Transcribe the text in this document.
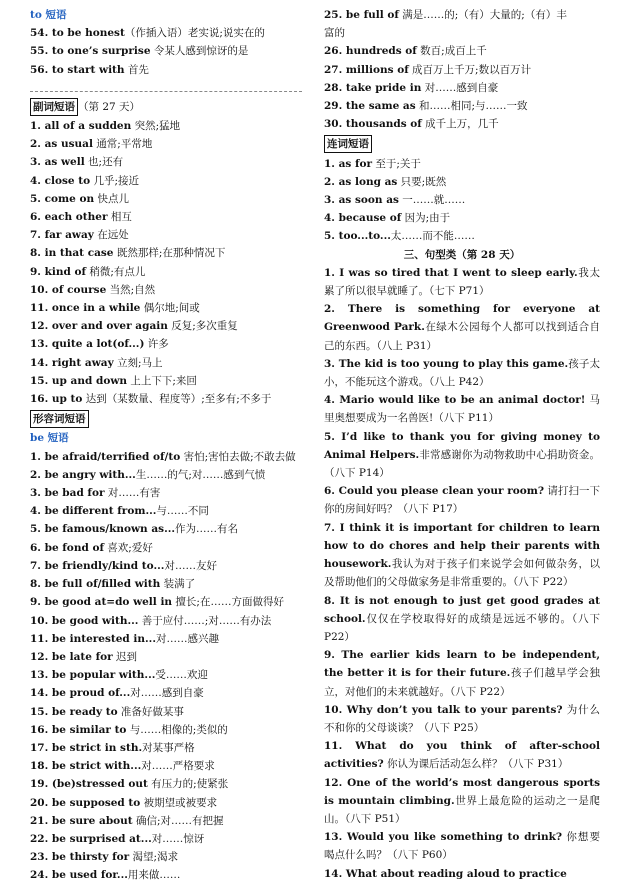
to 短语
54. to be honest（作插入语）老实说;说实在的
55. to one’s surprise 令某人感到惊讶的是
56. to start with 首先
副词短语 （第 27 天）
1. all of a sudden 突然;猛地
2. as usual 通常;平常地
3. as well 也;还有
4. close to 几乎;接近
5. come on 快点儿
6. each other 相互
7. far away 在远处
8. in that case 既然那样;在那种情况下
9. kind of 稍微;有点儿
10. of course 当然;自然
11. once in a while 偶尔地;间或
12. over and over again 反复;多次重复
13. quite a lot(of...) 许多
14. right away 立刻;马上
15. up and down 上上下下;来回
16. up to 达到（某数量、程度等）;至多有;不多于
形容词短语
be 短语
1. be afraid/terrified of/to 害怕;害怕去做;不敢去做
2. be angry with...生……的气;对……感到气愤
3. be bad for 对……有害
4. be different from...与……不同
5. be famous/known as...作为……有名
6. be fond of 喜欢;爱好
7. be friendly/kind to...对……友好
8. be full of/filled with 装满了
9. be good at=do well in 擅长;在……方面做得好
10. be good with... 善于应付……;对……有办法
11. be interested in...对……感兴趣
12. be late for 迟到
13. be popular with...受……欢迎
14. be proud of...对……感到自豪
15. be ready to 准备好做某事
16. be similar to 与……相像的;类似的
17. be strict in sth.对某事严格
18. be strict with...对……严格要求
19. (be)stressed out 有压力的;使紧张
20. be supposed to 被期望或被要求
21. be sure about 确信;对……有把握
22. be surprised at...对……惊讶
23. be thirsty for 渴望;渴求
24. be used for...用来做……
25. be full of 满是……的;（有）大量的;（有）丰
富的
26. hundreds of 数百;成百上千
27. millions of 成百万上千万;数以百万计
28. take pride in 对……感到自豪
29. the same as 和……相同;与……一致
30. thousands of 成千上万，几千
连词短语
1. as for 至于;关于
2. as long as 只要;既然
3. as soon as 一……就……
4. because of 因为;由于
5. too...to...太……而不能……
三、句型类（第 28 天）
1. I was so tired that I went to sleep early.我太累了所以很早就睡了。（七下 P71）
2. There is something for everyone at Greenwood Park.在绿木公园每个人都可以找到适合自己的东西。（八上 P31）
3. The kid is too young to play this game.孩子太小，不能玩这个游戏。（八上 P42）
4. Mario would like to be an animal doctor! 马里奥想要成为一名兽医!（八下 P11）
5. I’d like to thank you for giving money to Animal Helpers.非常感谢你为动物救助中心捐助资金。（八下 P14）
6. Could you please clean your room? 请打扫一下你的房间好吗？（八下 P17）
7. I think it is important for children to learn how to do chores and help their parents with housework.我认为对于孩子们来说学会如何做杂务，以及帮助他们的父母做家务是非常重要的。（八下 P22）
8. It is not enough to just get good grades at school.仅仅在学校取得好的成绩是远远不够的。（八下 P22）
9. The earlier kids learn to be independent, the better it is for their future.孩子们越早学会独立，对他们的未来就越好。（八下 P22）
10. Why don’t you talk to your parents? 为什么不和你的父母谈谈？（八下 P25）
11. What do you think of after-school activities? 你认为课后活动怎么样？（八下 P31）
12. One of the world’s most dangerous sports is mountain climbing.世界上最危险的运动之一是爬山。（八下 P51）
13. Would you like something to drink? 你想要喝点什么吗？（八下 P60）
14. What about reading aloud to practice
